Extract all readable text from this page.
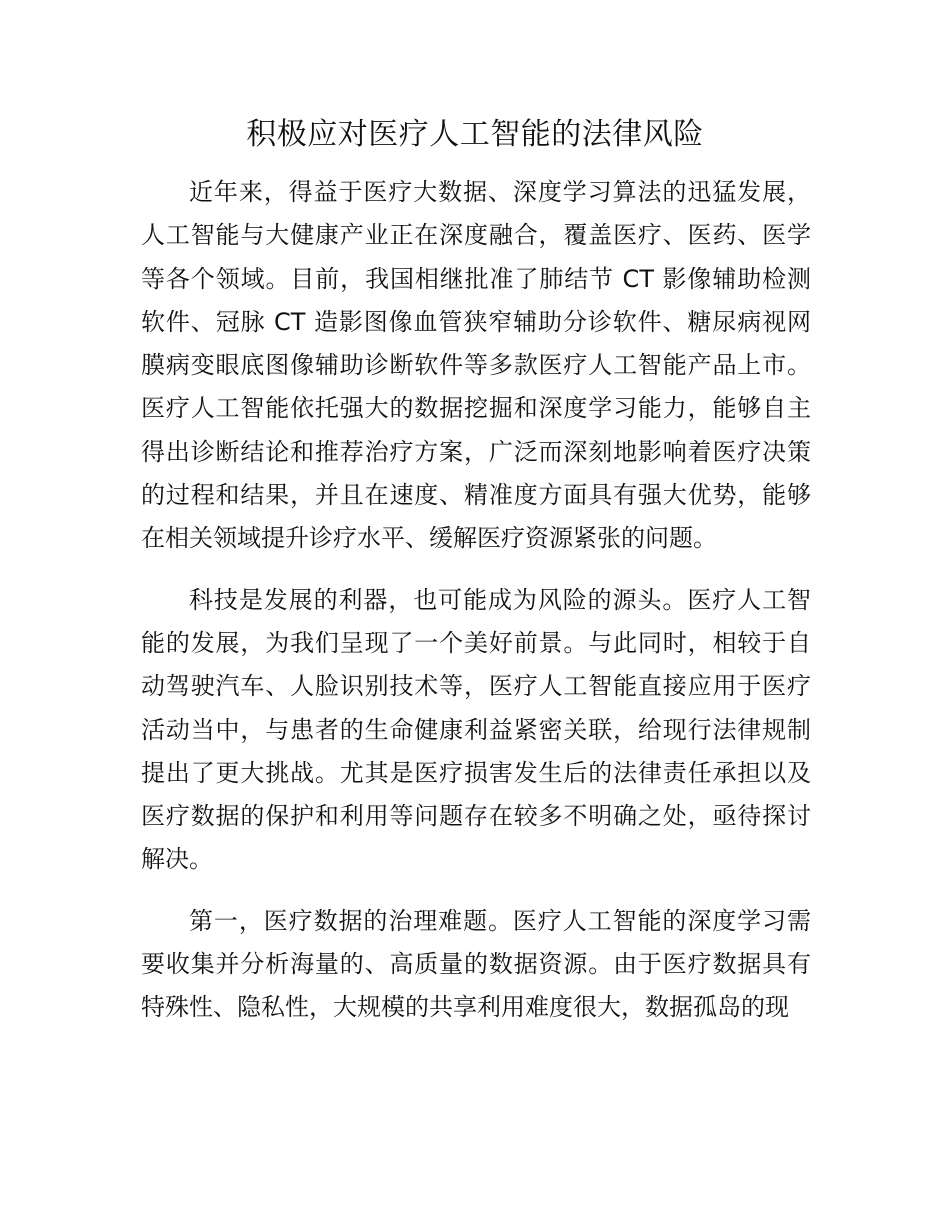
积极应对医疗人工智能的法律风险

近年来，得益于医疗大数据、深度学习算法的迅猛发展，人工智能与大健康产业正在深度融合，覆盖医疗、医药、医学等各个领域。目前，我国相继批准了肺结节 CT 影像辅助检测软件、冠脉 CT 造影图像血管狭窄辅助分诊软件、糖尿病视网膜病变眼底图像辅助诊断软件等多款医疗人工智能产品上市。医疗人工智能依托强大的数据挖掘和深度学习能力，能够自主得出诊断结论和推荐治疗方案，广泛而深刻地影响着医疗决策的过程和结果，并且在速度、精准度方面具有强大优势，能够在相关领域提升诊疗水平、缓解医疗资源紧张的问题。

科技是发展的利器，也可能成为风险的源头。医疗人工智能的发展，为我们呈现了一个美好前景。与此同时，相较于自动驾驶汽车、人脸识别技术等，医疗人工智能直接应用于医疗活动当中，与患者的生命健康利益紧密关联，给现行法律规制提出了更大挑战。尤其是医疗损害发生后的法律责任承担以及医疗数据的保护和利用等问题存在较多不明确之处，亟待探讨解决。

第一，医疗数据的治理难题。医疗人工智能的深度学习需要收集并分析海量的、高质量的数据资源。由于医疗数据具有特殊性、隐私性，大规模的共享利用难度很大，数据孤岛的现
